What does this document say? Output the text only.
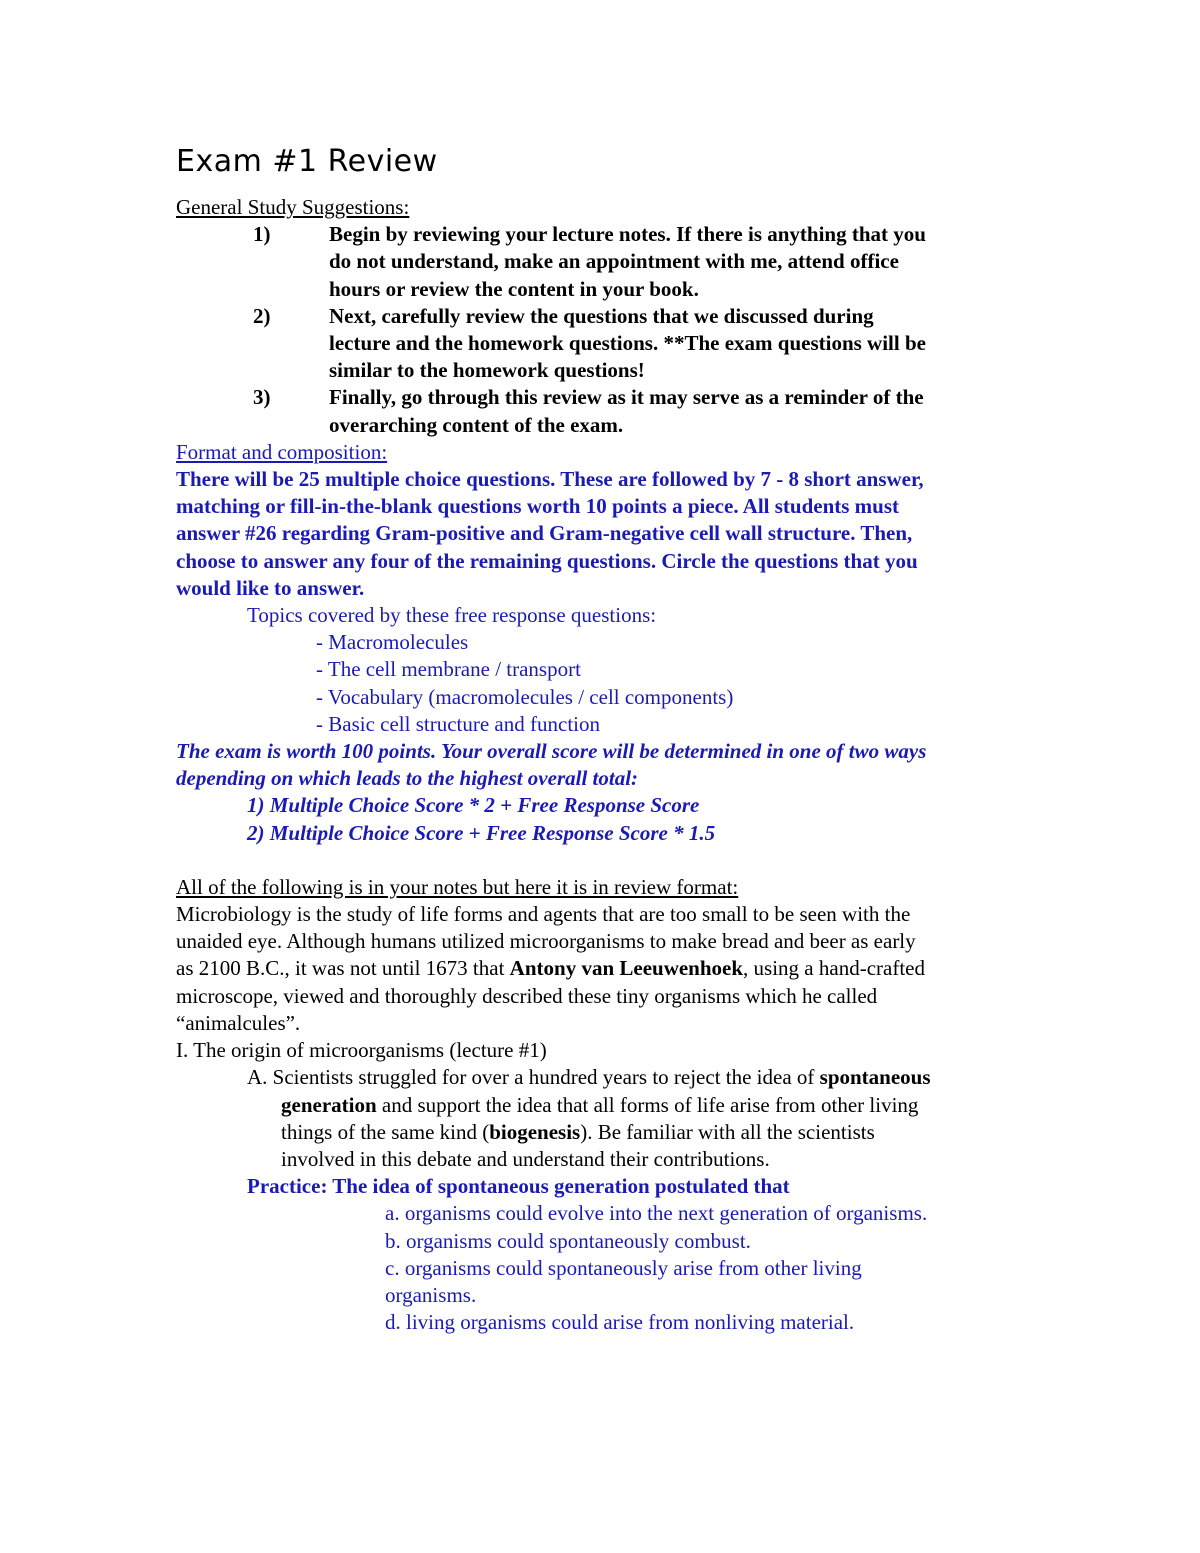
Exam #1 Review
General Study Suggestions:
1)	Begin by reviewing your lecture notes. If there is anything that you
do not understand, make an appointment with me, attend office
hours or review the content in your book.
2)	Next, carefully review the questions that we discussed during
lecture and the homework questions. **The exam questions will be
similar to the homework questions!
3)	Finally, go through this review as it may serve as a reminder of the
overarching content of the exam.
Format and composition:
There will be 25 multiple choice questions. These are followed by 7 - 8 short answer,
matching or fill-in-the-blank questions worth 10 points a piece. All students must
answer #26 regarding Gram-positive and Gram-negative cell wall structure. Then,
choose to answer any four of the remaining questions. Circle the questions that you
would like to answer.
Topics covered by these free response questions:
- Macromolecules
- The cell membrane / transport
- Vocabulary (macromolecules / cell components)
- Basic cell structure and function
The exam is worth 100 points. Your overall score will be determined in one of two ways
depending on which leads to the highest overall total:
1) Multiple Choice Score * 2 + Free Response Score
2) Multiple Choice Score + Free Response Score * 1.5
All of the following is in your notes but here it is in review format:
Microbiology is the study of life forms and agents that are too small to be seen with the
unaided eye. Although humans utilized microorganisms to make bread and beer as early
as 2100 B.C., it was not until 1673 that Antony van Leeuwenhoek, using a hand-crafted
microscope, viewed and thoroughly described these tiny organisms which he called
“animalcules”.
I. The origin of microorganisms (lecture #1)
A. Scientists struggled for over a hundred years to reject the idea of spontaneous
generation and support the idea that all forms of life arise from other living
things of the same kind (biogenesis). Be familiar with all the scientists
involved in this debate and understand their contributions.
Practice: The idea of spontaneous generation postulated that
a. organisms could evolve into the next generation of organisms.
b. organisms could spontaneously combust.
c. organisms could spontaneously arise from other living
organisms.
d. living organisms could arise from nonliving material.
